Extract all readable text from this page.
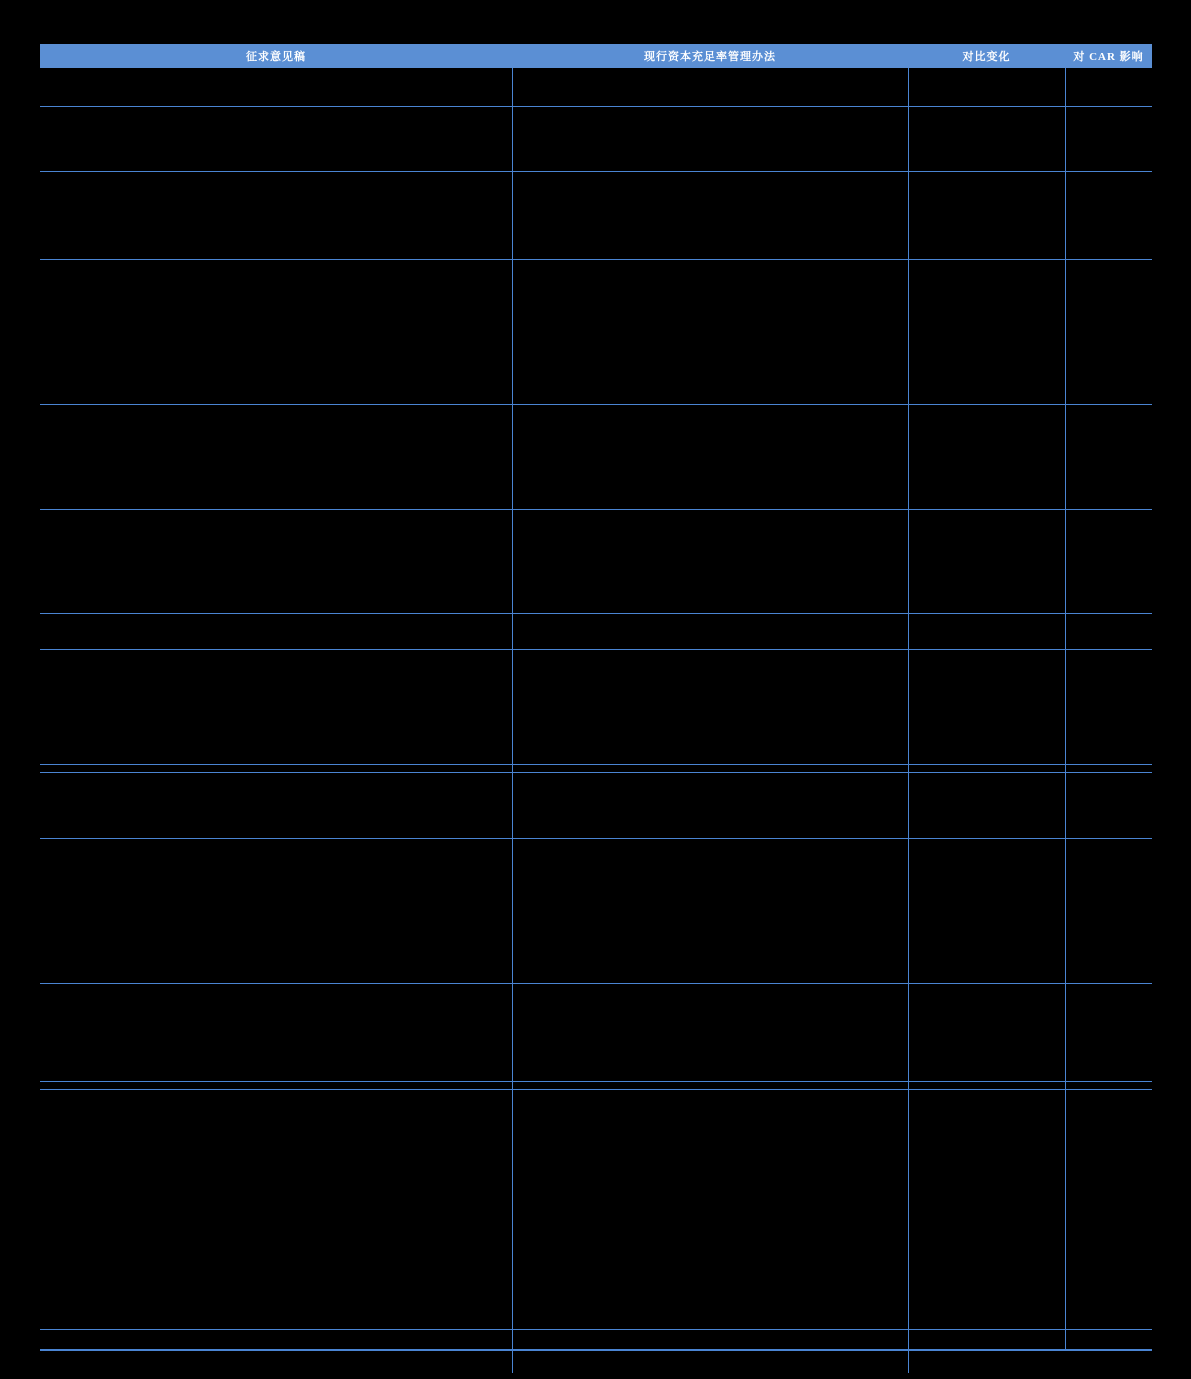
征求意见稿	现行资本充足率管理办法	对比变化	对 CAR 影响
